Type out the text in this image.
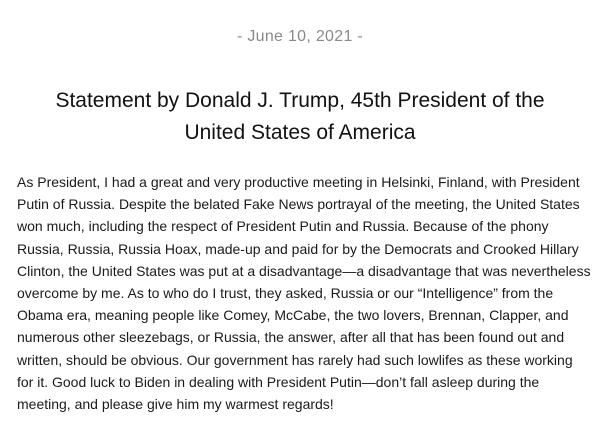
- June 10, 2021 -
Statement by Donald J. Trump, 45th President of the United States of America

As President, I had a great and very productive meeting in Helsinki, Finland, with President Putin of Russia. Despite the belated Fake News portrayal of the meeting, the United States won much, including the respect of President Putin and Russia. Because of the phony Russia, Russia, Russia Hoax, made-up and paid for by the Democrats and Crooked Hillary Clinton, the United States was put at a disadvantage—a disadvantage that was nevertheless overcome by me. As to who do I trust, they asked, Russia or our “Intelligence” from the Obama era, meaning people like Comey, McCabe, the two lovers, Brennan, Clapper, and numerous other sleezebags, or Russia, the answer, after all that has been found out and written, should be obvious. Our government has rarely had such lowlifes as these working for it. Good luck to Biden in dealing with President Putin—don’t fall asleep during the meeting, and please give him my warmest regards!
